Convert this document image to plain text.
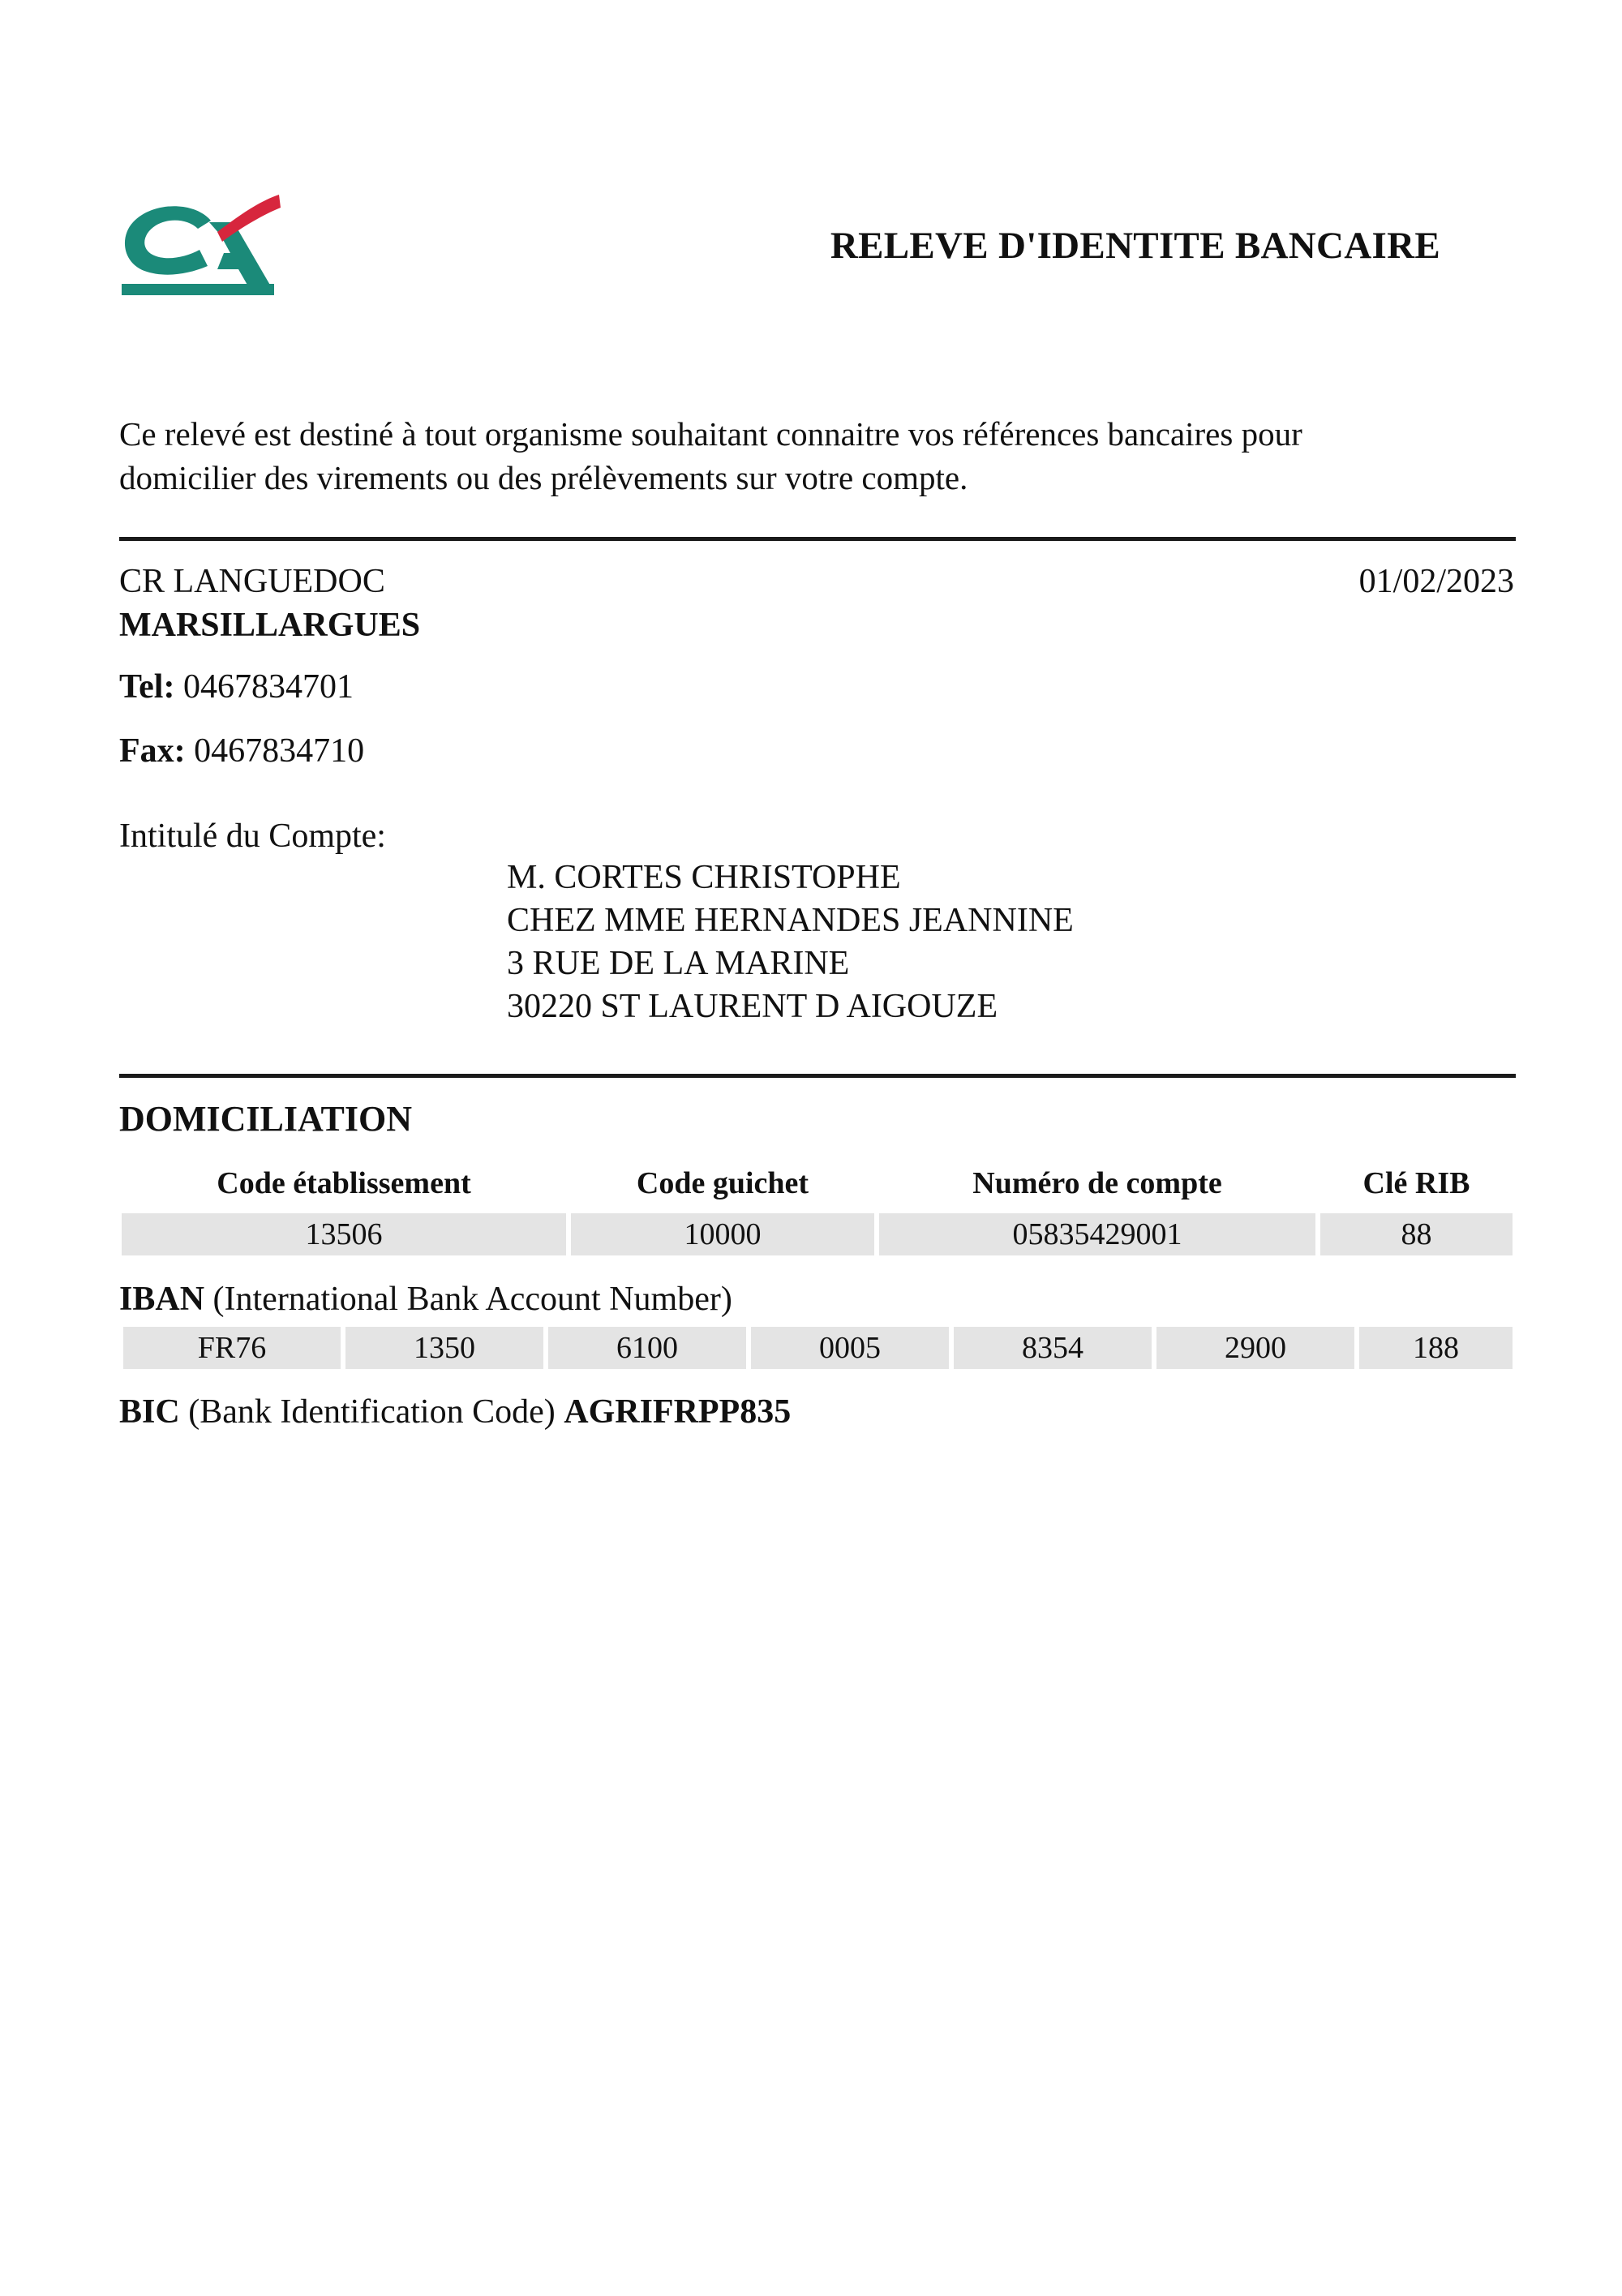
RELEVE D'IDENTITE BANCAIRE
Ce relevé est destiné à tout organisme souhaitant connaitre vos références bancaires pour
domicilier des virements ou des prélèvements sur votre compte.
CR LANGUEDOC
MARSILLARGUES
01/02/2023
Tel: 0467834701
Fax: 0467834710
Intitulé du Compte:
M. CORTES CHRISTOPHE
CHEZ MME HERNANDES JEANNINE
3 RUE DE LA MARINE
30220 ST LAURENT D AIGOUZE
DOMICILIATION
Code établissement	Code guichet	Numéro de compte	Clé RIB
13506	10000	05835429001	88
IBAN (International Bank Account Number)
FR76	1350	6100	0005	8354	2900	188
BIC (Bank Identification Code) AGRIFRPP835
